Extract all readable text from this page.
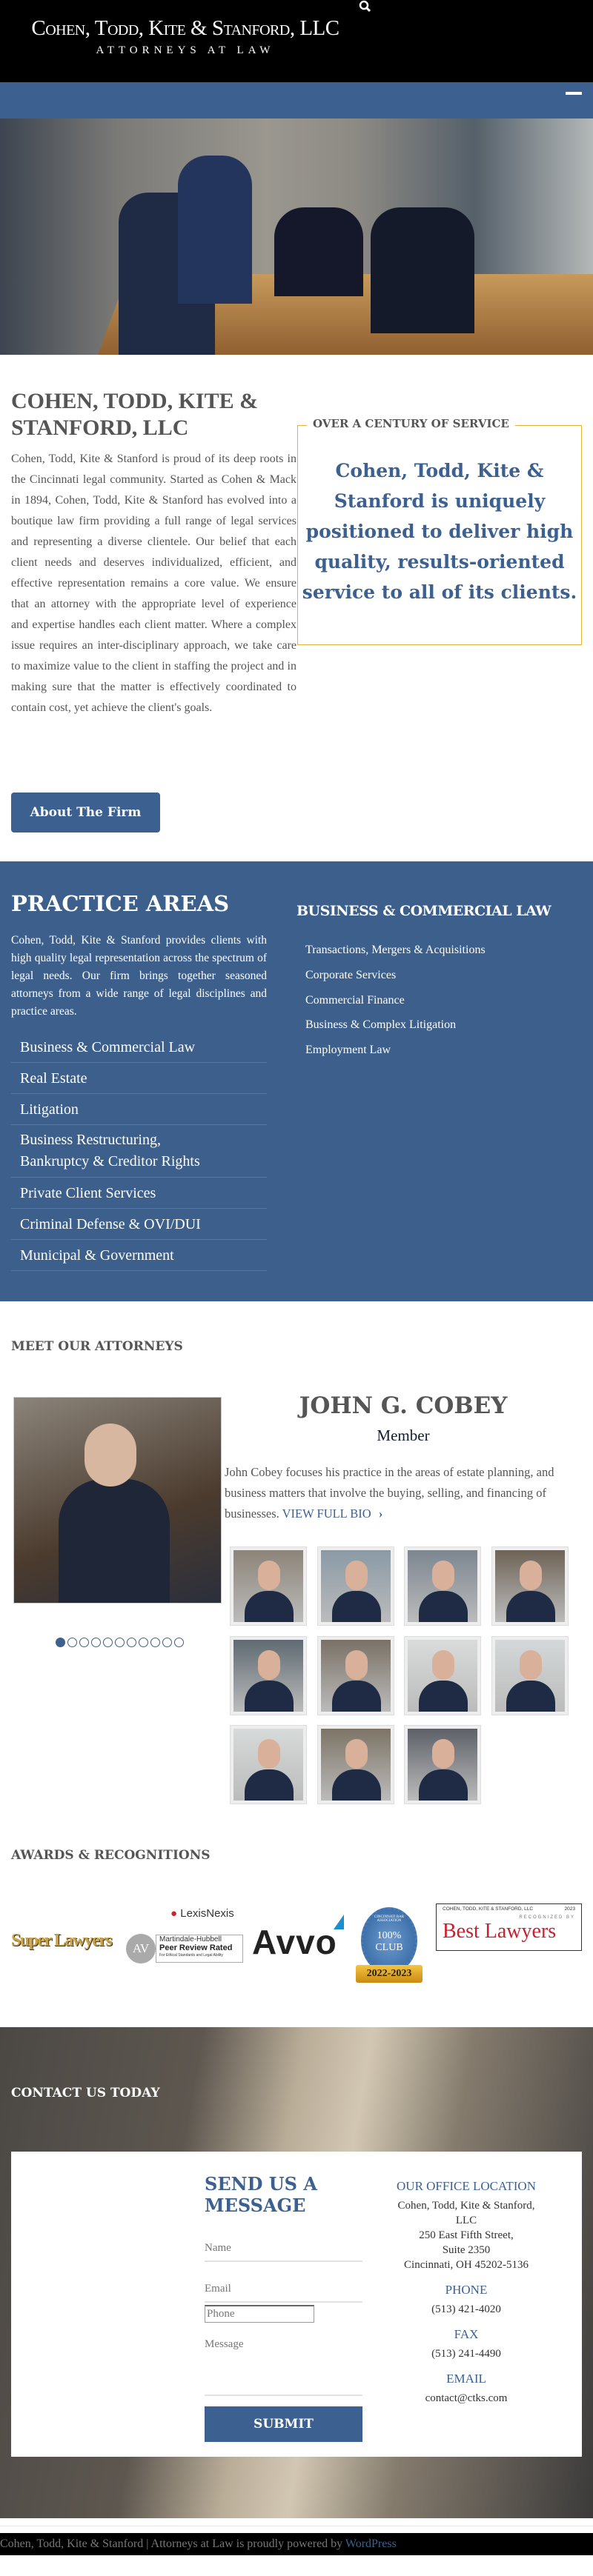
Cohen, Todd, Kite & Stanford, LLC
ATTORNEYS AT LAW
COHEN, TODD, KITE & STANFORD, LLC

Cohen, Todd, Kite & Stanford is proud of its deep roots in the Cincinnati legal community. Started as Cohen & Mack in 1894, Cohen, Todd, Kite & Stanford has evolved into a boutique law firm providing a full range of legal services and representing a diverse clientele. Our belief that each client needs and deserves individualized, efficient, and effective representation remains a core value. We ensure that an attorney with the appropriate level of experience and expertise handles each client matter. Where a complex issue requires an inter-disciplinary approach, we take care to maximize value to the client in staffing the project and in making sure that the matter is effectively coordinated to contain cost, yet achieve the client's goals.

OVER A CENTURY OF SERVICE
Cohen, Todd, Kite & Stanford is uniquely positioned to deliver high quality, results-oriented service to all of its clients.
About The Firm
PRACTICE AREAS

Cohen, Todd, Kite & Stanford provides clients with high quality legal representation across the spectrum of legal needs. Our firm brings together seasoned attorneys from a wide range of legal disciplines and practice areas.

Business & Commercial Law
Real Estate
Litigation
Business Restructuring, Bankruptcy & Creditor Rights
Private Client Services
Criminal Defense & OVI/DUI
Municipal & Government
BUSINESS & COMMERCIAL LAW
Transactions, Mergers & Acquisitions
Corporate Services
Commercial Finance
Business & Complex Litigation
Employment Law
MEET OUR ATTORNEYS
JOHN G. COBEY
Member

John Cobey focuses his practice in the areas of estate planning, and business matters that involve the buying, selling, and financing of businesses. VIEW FULL BIO ›

AWARDS & RECOGNITIONS
Super Lawyers
● LexisNexis
AV
Martindale-Hubbell
Peer Review Rated
For Ethical Standards and Legal Ability Avvo
CINCINNATI BAR ASSOCIATION
100% CLUB
2022-2023
COHEN, TODD, KITE & STANFORD, LLC	2023
RECOGNIZED BY
Best Lawyers
CONTACT US TODAY
SEND US A MESSAGE
Name
Email
Phone
Message
SUBMIT
OUR OFFICE LOCATION
Cohen, Todd, Kite & Stanford, LLC
250 East Fifth Street,
Suite 2350
Cincinnati, OH 45202-5136
PHONE
(513) 421-4020
FAX
(513) 241-4490
EMAIL
contact@ctks.com
Cohen, Todd, Kite & Stanford | Attorneys at Law is proudly powered by WordPress
